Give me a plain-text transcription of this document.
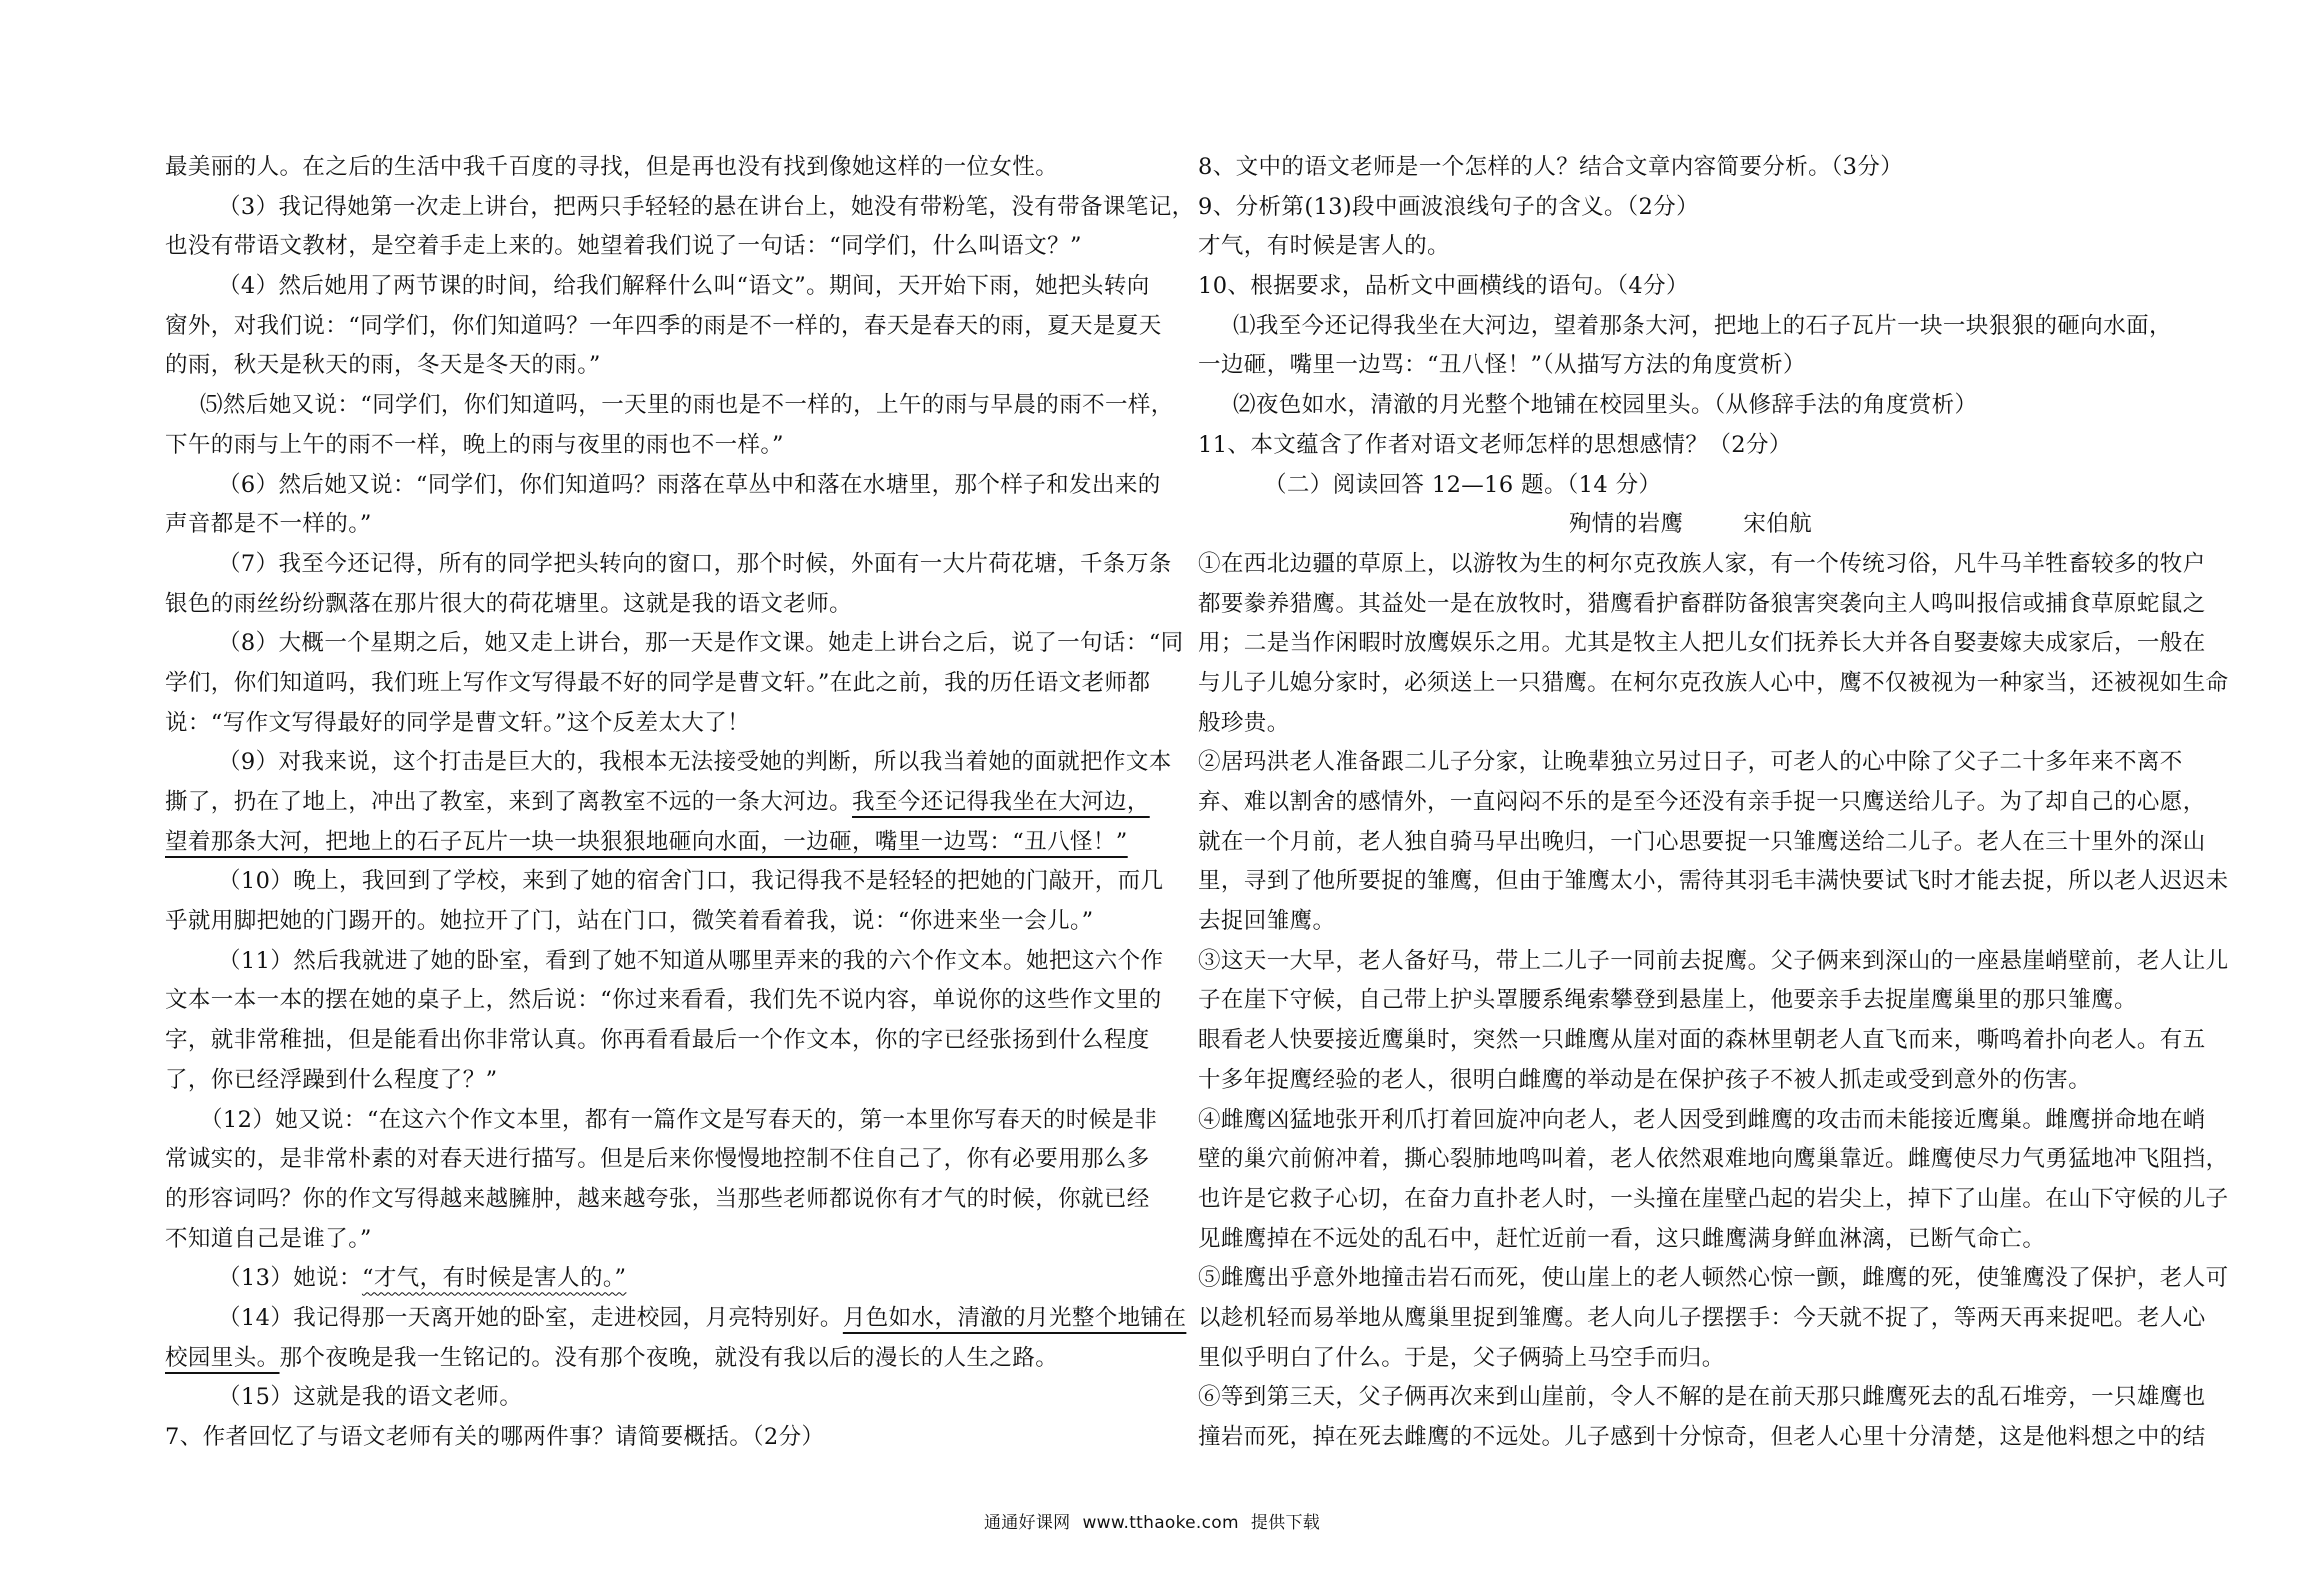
最美丽的人。在之后的生活中我千百度的寻找，但是再也没有找到像她这样的一位女性。
（3）我记得她第一次走上讲台，把两只手轻轻的悬在讲台上，她没有带粉笔，没有带备课笔记，
也没有带语文教材，是空着手走上来的。她望着我们说了一句话：“同学们，什么叫语文？”
（4）然后她用了两节课的时间，给我们解释什么叫“语文”。期间，天开始下雨，她把头转向
窗外，对我们说：“同学们，你们知道吗？一年四季的雨是不一样的，春天是春天的雨，夏天是夏天
的雨，秋天是秋天的雨，冬天是冬天的雨。”
⑸然后她又说：“同学们，你们知道吗，一天里的雨也是不一样的，上午的雨与早晨的雨不一样，
下午的雨与上午的雨不一样，晚上的雨与夜里的雨也不一样。”
（6）然后她又说：“同学们，你们知道吗？雨落在草丛中和落在水塘里，那个样子和发出来的
声音都是不一样的。”
（7）我至今还记得，所有的同学把头转向的窗口，那个时候，外面有一大片荷花塘，千条万条
银色的雨丝纷纷飘落在那片很大的荷花塘里。这就是我的语文老师。
（8）大概一个星期之后，她又走上讲台，那一天是作文课。她走上讲台之后，说了一句话：“同
学们，你们知道吗，我们班上写作文写得最不好的同学是曹文轩。”在此之前，我的历任语文老师都
说：“写作文写得最好的同学是曹文轩。”这个反差太大了！
（9）对我来说，这个打击是巨大的，我根本无法接受她的判断，所以我当着她的面就把作文本
撕了，扔在了地上，冲出了教室，来到了离教室不远的一条大河边。我至今还记得我坐在大河边，
望着那条大河，把地上的石子瓦片一块一块狠狠地砸向水面，一边砸，嘴里一边骂：“丑八怪！”
（10）晚上，我回到了学校，来到了她的宿舍门口，我记得我不是轻轻的把她的门敲开，而几
乎就用脚把她的门踢开的。她拉开了门，站在门口，微笑着看着我，说：“你进来坐一会儿。”
（11）然后我就进了她的卧室，看到了她不知道从哪里弄来的我的六个作文本。她把这六个作
文本一本一本的摆在她的桌子上，然后说：“你过来看看，我们先不说内容，单说你的这些作文里的
字，就非常稚拙，但是能看出你非常认真。你再看看最后一个作文本，你的字已经张扬到什么程度
了，你已经浮躁到什么程度了？”
（12）她又说：“在这六个作文本里，都有一篇作文是写春天的，第一本里你写春天的时候是非
常诚实的，是非常朴素的对春天进行描写。但是后来你慢慢地控制不住自己了，你有必要用那么多
的形容词吗？你的作文写得越来越臃肿，越来越夸张，当那些老师都说你有才气的时候，你就已经
不知道自己是谁了。”
（13）她说：“才气，有时候是害人的。”
（14）我记得那一天离开她的卧室，走进校园，月亮特别好。月色如水，清澈的月光整个地铺在
校园里头。那个夜晚是我一生铭记的。没有那个夜晚，就没有我以后的漫长的人生之路。
（15）这就是我的语文老师。
7、作者回忆了与语文老师有关的哪两件事？请简要概括。（2分）
8、文中的语文老师是一个怎样的人？结合文章内容简要分析。（3分）
9、分析第(13)段中画波浪线句子的含义。（2分）
才气，有时候是害人的。
10、根据要求，品析文中画横线的语句。（4分）
⑴我至今还记得我坐在大河边，望着那条大河，把地上的石子瓦片一块一块狠狠的砸向水面，
一边砸，嘴里一边骂：“丑八怪！”（从描写方法的角度赏析）
⑵夜色如水，清澈的月光整个地铺在校园里头。（从修辞手法的角度赏析）
11、本文蕴含了作者对语文老师怎样的思想感情？（2分）
（二）阅读回答 12—16 题。（14 分）
殉情的岩鹰	宋伯航
①在西北边疆的草原上，以游牧为生的柯尔克孜族人家，有一个传统习俗，凡牛马羊牲畜较多的牧户
都要豢养猎鹰。其益处一是在放牧时，猎鹰看护畜群防备狼害突袭向主人鸣叫报信或捕食草原蛇鼠之
用；二是当作闲暇时放鹰娱乐之用。尤其是牧主人把儿女们抚养长大并各自娶妻嫁夫成家后，一般在
与儿子儿媳分家时，必须送上一只猎鹰。在柯尔克孜族人心中，鹰不仅被视为一种家当，还被视如生命
般珍贵。
②居玛洪老人准备跟二儿子分家，让晚辈独立另过日子，可老人的心中除了父子二十多年来不离不
弃、难以割舍的感情外，一直闷闷不乐的是至今还没有亲手捉一只鹰送给儿子。为了却自己的心愿，
就在一个月前，老人独自骑马早出晚归，一门心思要捉一只雏鹰送给二儿子。老人在三十里外的深山
里，寻到了他所要捉的雏鹰，但由于雏鹰太小，需待其羽毛丰满快要试飞时才能去捉，所以老人迟迟未
去捉回雏鹰。
③这天一大早，老人备好马，带上二儿子一同前去捉鹰。父子俩来到深山的一座悬崖峭壁前，老人让儿
子在崖下守候，自己带上护头罩腰系绳索攀登到悬崖上，他要亲手去捉崖鹰巢里的那只雏鹰。
眼看老人快要接近鹰巢时，突然一只雌鹰从崖对面的森林里朝老人直飞而来，嘶鸣着扑向老人。有五
十多年捉鹰经验的老人，很明白雌鹰的举动是在保护孩子不被人抓走或受到意外的伤害。
④雌鹰凶猛地张开利爪打着回旋冲向老人，老人因受到雌鹰的攻击而未能接近鹰巢。雌鹰拼命地在峭
壁的巢穴前俯冲着，撕心裂肺地鸣叫着，老人依然艰难地向鹰巢靠近。雌鹰使尽力气勇猛地冲飞阻挡，
也许是它救子心切，在奋力直扑老人时，一头撞在崖壁凸起的岩尖上，掉下了山崖。在山下守候的儿子
见雌鹰掉在不远处的乱石中，赶忙近前一看，这只雌鹰满身鲜血淋漓，已断气命亡。
⑤雌鹰出乎意外地撞击岩石而死，使山崖上的老人顿然心惊一颤，雌鹰的死，使雏鹰没了保护，老人可
以趁机轻而易举地从鹰巢里捉到雏鹰。老人向儿子摆摆手：今天就不捉了，等两天再来捉吧。老人心
里似乎明白了什么。于是，父子俩骑上马空手而归。
⑥等到第三天，父子俩再次来到山崖前，令人不解的是在前天那只雌鹰死去的乱石堆旁，一只雄鹰也
撞岩而死，掉在死去雌鹰的不远处。儿子感到十分惊奇，但老人心里十分清楚，这是他料想之中的结
通通好课网 www.tthaoke.com 提供下载
